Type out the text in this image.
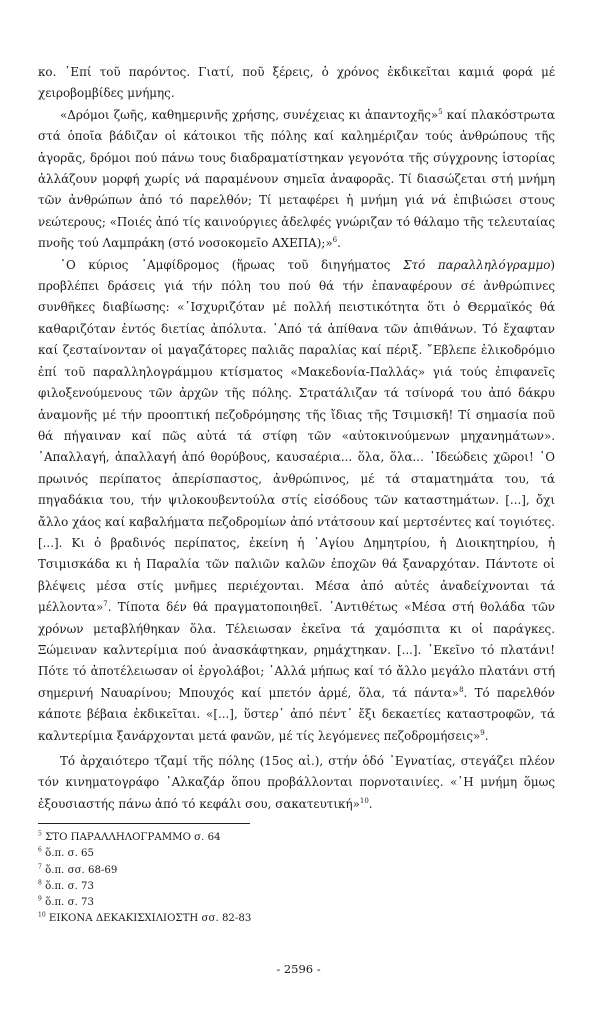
κο. ᾿Επί τοῦ παρόντος. Γιατί, ποῦ ξέρεις, ὁ χρόνος ἐκδικεῖται καμιά φορά μέ χειροβομβίδες μνήμης.

«Δρόμοι ζωῆς, καθημερινῆς χρήσης, συνέχειας κι ἀπαντοχῆς»$^5$ καί πλακόστρωτα στά ὁποῖα βάδιζαν οἱ κάτοικοι τῆς πόλης καί καλημέριζαν τούς ἀνθρώπους τῆς ἀγορᾶς, δρόμοι πού πάνω τους διαδραματίστηκαν γεγονότα τῆς σύγχρονης ἱστορίας ἀλλάζουν μορφή χωρίς νά παραμένουν σημεῖα ἀναφορᾶς. Τί διασώζεται στή μνήμη τῶν ἀνθρώπων ἀπό τό παρελθόν; Τί μεταφέρει ἡ μνήμη γιά νά ἐπιβιώσει στους νεώτερους; «Ποιές ἀπό τίς καινούργιες ἀδελφές γνώριζαν τό θάλαμο τῆς τελευταίας πνοῆς τού Λαμπράκη (στό νοσοκομεῖο ΑΧΕΠΑ);»$^6$.

῾Ο κύριος ᾿Αμφίδρομος (ἥρωας τοῦ διηγήματος Στό παραλληλόγραμμο) προβλέπει δράσεις γιά τήν πόλη του πού θά τήν ἐπαναφέρουν σέ ἀνθρώπινες συνθῆκες διαβίωσης: «᾿Ισχυριζόταν μέ πολλή πειστικότητα ὅτι ὁ Θερμαϊκός θά καθαριζόταν ἐντός διετίας ἀπόλυτα. ᾿Από τά ἀπίθανα τῶν ἀπιθάνων. Τό ἔχαφταν καί ζεσταίνονταν οἱ μαγαζάτορες παλιᾶς παραλίας καί πέριξ. ῎Εβλεπε ἑλικοδρόμιο ἐπί τοῦ παραλληλογράμμου κτίσματος «Μακεδονία-Παλλάς» γιά τούς ἐπιφανεῖς φιλοξενούμενους τῶν ἀρχῶν τῆς πόλης. Στρατάλιζαν τά τσίνορά του ἀπό δάκρυ ἀναμονῆς μέ τήν προοπτική πεζοδρόμησης τῆς ἴδιας τῆς Τσιμισκῆ! Τί σημασία ποῦ θά πήγαιναν καί πῶς αὐτά τά στίφη τῶν «αὐτοκινούμενων μηχανημάτων». ᾿Απαλλαγή, ἀπαλλαγή ἀπό θορύβους, καυσαέρια... ὅλα, ὅλα... ᾿Ιδεώδεις χῶροι! ῾Ο πρωινός περίπατος ἀπερίσπαστος, ἀνθρώπινος, μέ τά σταματημάτα του, τά πηγαδάκια του, τήν ψιλοκουβεντούλα στίς εἰσόδους τῶν καταστημάτων. [...], ὄχι ἄλλο χάος καί καβαλήματα πεζοδρομίων ἀπό ντάτσουν καί μερτσέντες καί τογιότες. [...]. Κι ὁ βραδινός περίπατος, ἐκείνη ἡ ῾Αγίου Δημητρίου, ἡ Διοικητηρίου, ἡ Τσιμισκάδα κι ἡ Παραλία τῶν παλιῶν καλῶν ἐποχῶν θά ξαναρχόταν. Πάντοτε οἱ βλέψεις μέσα στίς μνῆμες περιέχονται. Μέσα ἀπό αὐτές ἀναδείχνονται τά μέλλοντα»$^7$. Τίποτα δέν θά πραγματοποιηθεῖ. ᾿Αντιθέτως «Μέσα στή θολάδα τῶν χρόνων μεταβλήθηκαν ὅλα. Τέλειωσαν ἐκεῖνα τά χαμόσπιτα κι οἱ παράγκες. Ξώμειναν καλντερίμια πού ἀνασκάφτηκαν, ρημάχτηκαν. [...]. ᾿Εκεῖνο τό πλατάνι! Πότε τό ἀποτέλειωσαν οἱ ἐργολάβοι; ᾿Αλλά μήπως καί τό ἄλλο μεγάλο πλατάνι στή σημερινή Ναυαρίνου; Μπουχός καί μπετόν ἀρμέ, ὅλα, τά πάντα»$^8$. Τό παρελθόν κάποτε βέβαια ἐκδικεῖται. «[...], ὕστερ᾿ ἀπό πέντ᾿ ἔξι δεκαετίες καταστροφῶν, τά καλντερίμια ξανάρχονται μετά φανῶν, μέ τίς λεγόμενες πεζοδρομήσεις»$^9$.

Τό ἀρχαιότερο τζαμί τῆς πόλης (15ος αἰ.), στήν ὁδό ᾿Εγνατίας, στεγάζει πλέον τόν κινηματογράφο ᾿Αλκαζάρ ὅπου προβάλλονται πορνοταινίες. «῾Η μνήμη ὅμως ἐξουσιαστής πάνω ἀπό τό κεφάλι σου, σακατευτική»$^{10}$.

$^5$ ΣΤΟ ΠΑΡΑΛΛΗΛΟΓΡΑΜΜΟ σ. 64
$^6$ ὅ.π. σ. 65
$^7$ ὅ.π. σσ. 68-69
$^8$ ὅ.π. σ. 73
$^9$ ὅ.π. σ. 73
$^{10}$ ΕΙΚΟΝΑ ΔΕΚΑΚΙΣΧΙΛΙΟΣΤΗ σσ. 82-83
- 2596 -
